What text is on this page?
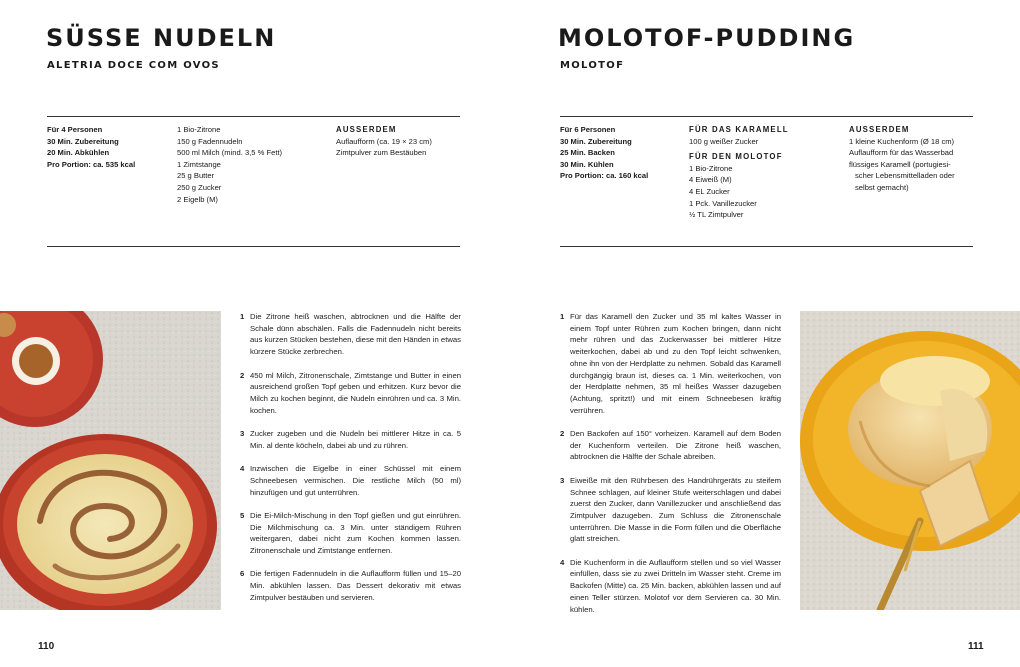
SÜSSE NUDELN
ALETRIA DOCE COM OVOS
Für 4 Personen
30 Min. Zubereitung
20 Min. Abkühlen
Pro Portion: ca. 535 kcal
1 Bio-Zitrone
150 g Fadennudeln
500 ml Milch (mind. 3,5 % Fett)
1 Zimtstange
25 g Butter
250 g Zucker
2 Eigelb (M)
AUSSERDEM
Auflaufform (ca. 19 × 23 cm)
Zimtpulver zum Bestäuben
1 Die Zitrone heiß waschen, abtrocknen und die Hälfte der Schale dünn abschälen. Falls die Fadennudeln nicht bereits aus kurzen Stücken bestehen, diese mit den Händen in etwas kürzere Stücke zerbrechen.
2 450 ml Milch, Zitronenschale, Zimtstange und Butter in einen ausreichend großen Topf geben und erhitzen. Kurz bevor die Milch zu kochen beginnt, die Nudeln einrühren und ca. 3 Min. kochen.
3 Zucker zugeben und die Nudeln bei mittlerer Hitze in ca. 5 Min. al dente köcheln, dabei ab und zu rühren.
4 Inzwischen die Eigelbe in einer Schüssel mit einem Schneebesen vermischen. Die restliche Milch (50 ml) hinzufügen und gut unterrühren.
5 Die Ei-Milch-Mischung in den Topf gießen und gut einrühren. Die Milchmischung ca. 3 Min. unter ständigem Rühren weitergaren, dabei nicht zum Kochen kommen lassen. Zitronenschale und Zimtstange entfernen.
6 Die fertigen Fadennudeln in die Auflaufform füllen und 15–20 Min. abkühlen lassen. Das Dessert dekorativ mit etwas Zimtpulver bestäuben und servieren.
110
MOLOTOF-PUDDING
MOLOTOF
Für 6 Personen
30 Min. Zubereitung
25 Min. Backen
30 Min. Kühlen
Pro Portion: ca. 160 kcal
FÜR DAS KARAMELL
100 g weißer Zucker
FÜR DEN MOLOTOF
1 Bio-Zitrone
4 Eiweiß (M)
4 EL Zucker
1 Pck. Vanillezucker
½ TL Zimtpulver
AUSSERDEM
1 kleine Kuchenform (Ø 18 cm)
Auflaufform für das Wasserbad
flüssiges Karamell (portugiesi-
scher Lebensmittelladen oder
selbst gemacht)
1 Für das Karamell den Zucker und 35 ml kaltes Wasser in einem Topf unter Rühren zum Kochen bringen, dann nicht mehr rühren und das Zuckerwasser bei mittlerer Hitze weiterkochen, dabei ab und zu den Topf leicht schwenken, ohne ihn von der Herdplatte zu nehmen. Sobald das Karamell durchgängig braun ist, dieses ca. 1 Min. weiterkochen, von der Herdplatte nehmen, 35 ml heißes Wasser dazugeben (Achtung, spritzt!) und mit einem Schneebesen kräftig verrühren.
2 Den Backofen auf 150° vorheizen. Karamell auf dem Boden der Kuchenform verteilen. Die Zitrone heiß waschen, abtrocknen die Hälfte der Schale abreiben.
3 Eiweiße mit den Rührbesen des Handrührgeräts zu steifem Schnee schlagen, auf kleiner Stufe weiterschlagen und dabei zuerst den Zucker, dann Vanillezucker und anschließend das Zimtpulver dazugeben. Zum Schluss die Zitronenschale unterrühren. Die Masse in die Form füllen und die Oberfläche glatt streichen.
4 Die Kuchenform in die Auflaufform stellen und so viel Wasser einfüllen, dass sie zu zwei Dritteln im Wasser steht. Creme im Backofen (Mitte) ca. 25 Min. backen, abkühlen lassen und auf einen Teller stürzen. Molotof vor dem Servieren ca. 30 Min. kühlen.
111
